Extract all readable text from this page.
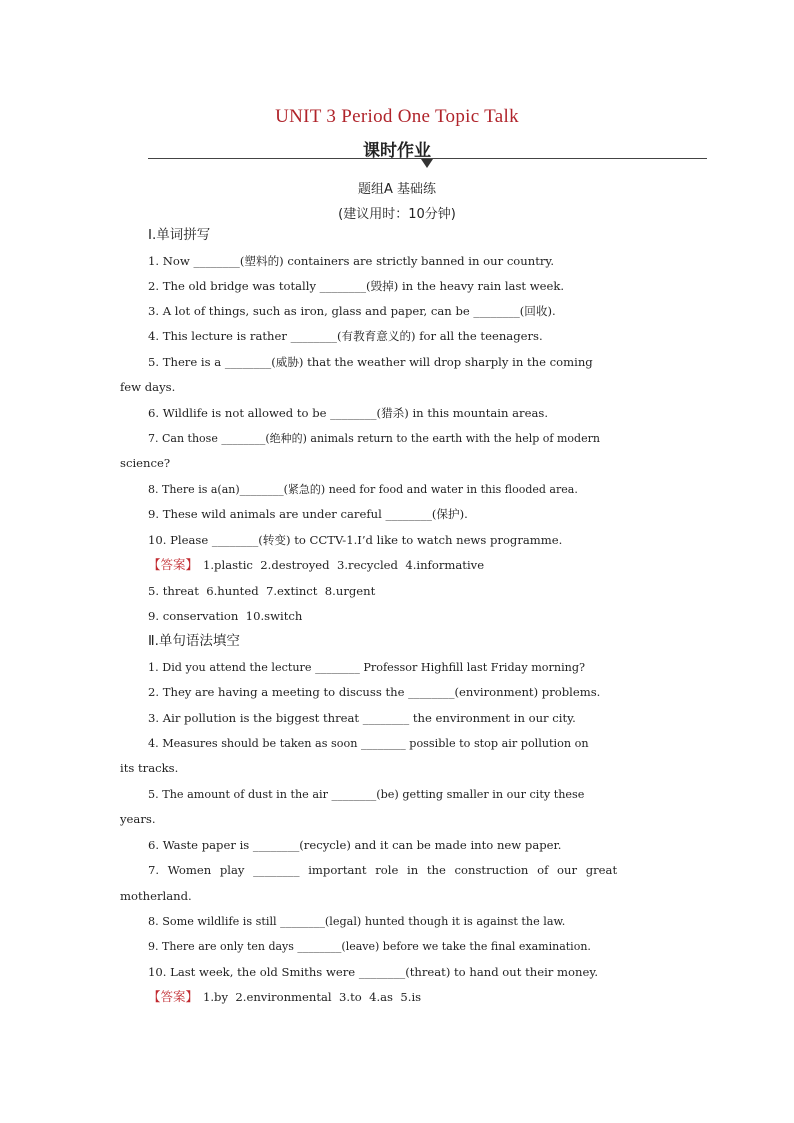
UNIT 3 Period One Topic Talk
课时作业
题组A 基础练
(建议用时：10分钟)
Ⅰ.单词拼写
1. Now ________(塑料的) containers are strictly banned in our country.
2. The old bridge was totally ________(毁掉) in the heavy rain last week.
3. A lot of things, such as iron, glass and paper, can be ________(回收).
4. This lecture is rather ________(有教育意义的) for all the teenagers.
5. There is a ________(威胁) that the weather will drop sharply in the coming
few days.
6. Wildlife is not allowed to be ________(猎杀) in this mountain areas.
7. Can those ________(绝种的) animals return to the earth with the help of modern
science?
8. There is a(an)________(紧急的) need for food and water in this flooded area.
9. These wild animals are under careful ________(保护).
10. Please ________(转变) to CCTV-1.I’d like to watch news programme.
【答案】 1.plastic  2.destroyed  3.recycled  4.informative
5. threat  6.hunted  7.extinct  8.urgent
9. conservation  10.switch
Ⅱ.单句语法填空
1. Did you attend the lecture ________ Professor Highfill last Friday morning?
2. They are having a meeting to discuss the ________(environment) problems.
3. Air pollution is the biggest threat ________ the environment in our city.
4. Measures should be taken as soon ________ possible to stop air pollution on
its tracks.
5. The amount of dust in the air ________(be) getting smaller in our city these
years.
6. Waste paper is ________(recycle) and it can be made into new paper.
7. Women play ________ important role in the construction of our great
motherland.
8. Some wildlife is still ________(legal) hunted though it is against the law.
9. There are only ten days ________(leave) before we take the final examination.
10. Last week, the old Smiths were ________(threat) to hand out their money.
【答案】 1.by  2.environmental  3.to  4.as  5.is
